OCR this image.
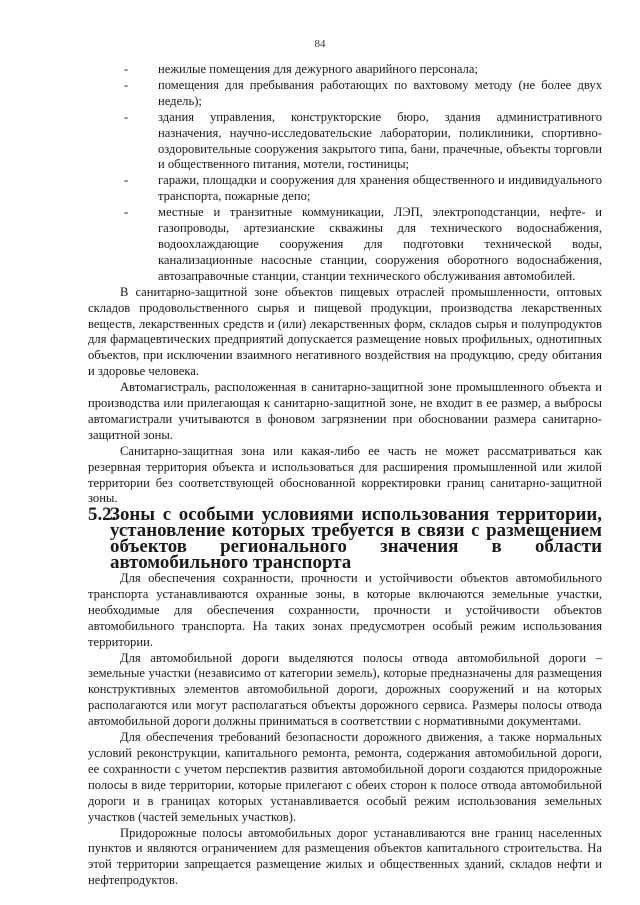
84
- нежилые помещения для дежурного аварийного персонала;
- помещения для пребывания работающих по вахтовому методу (не более двух недель);
- здания управления, конструкторские бюро, здания административного назначения, научно-исследовательские лаборатории, поликлиники, спортивно-оздоровительные сооружения закрытого типа, бани, прачечные, объекты торговли и общественного питания, мотели, гостиницы;
- гаражи, площадки и сооружения для хранения общественного и индивидуального транспорта, пожарные депо;
- местные и транзитные коммуникации, ЛЭП, электроподстанции, нефте- и газопроводы, артезианские скважины для технического водоснабжения, водоохлаждающие сооружения для подготовки технической воды, канализационные насосные станции, сооружения оборотного водоснабжения, автозаправочные станции, станции технического обслуживания автомобилей.

В санитарно-защитной зоне объектов пищевых отраслей промышленности, оптовых складов продовольственного сырья и пищевой продукции, производства лекарственных веществ, лекарственных средств и (или) лекарственных форм, складов сырья и полупродуктов для фармацевтических предприятий допускается размещение новых профильных, однотипных объектов, при исключении взаимного негативного воздействия на продукцию, среду обитания и здоровье человека.

Автомагистраль, расположенная в санитарно-защитной зоне промышленного объекта и производства или прилегающая к санитарно-защитной зоне, не входит в ее размер, а выбросы автомагистрали учитываются в фоновом загрязнении при обосновании размера санитарно-защитной зоны.

Санитарно-защитная зона или какая-либо ее часть не может рассматриваться как резервная территория объекта и использоваться для расширения промышленной или жилой территории без соответствующей обоснованной корректировки границ санитарно-защитной зоны.

5.2.Зоны с особыми условиями использования территории, установление которых требуется в связи с размещением объектов регионального значения в области автомобильного транспорта

Для обеспечения сохранности, прочности и устойчивости объектов автомобильного транспорта устанавливаются охранные зоны, в которые включаются земельные участки, необходимые для обеспечения сохранности, прочности и устойчивости объектов автомобильного транспорта. На таких зонах предусмотрен особый режим использования территории.

Для автомобильной дороги выделяются полосы отвода автомобильной дороги – земельные участки (независимо от категории земель), которые предназначены для размещения конструктивных элементов автомобильной дороги, дорожных сооружений и на которых располагаются или могут располагаться объекты дорожного сервиса. Размеры полосы отвода автомобильной дороги должны приниматься в соответствии с нормативными документами.

Для обеспечения требований безопасности дорожного движения, а также нормальных условий реконструкции, капитального ремонта, ремонта, содержания автомобильной дороги, ее сохранности с учетом перспектив развития автомобильной дороги создаются придорожные полосы в виде территории, которые прилегают с обеих сторон к полосе отвода автомобильной дороги и в границах которых устанавливается особый режим использования земельных участков (частей земельных участков).

Придорожные полосы автомобильных дорог устанавливаются вне границ населенных пунктов и являются ограничением для размещения объектов капитального строительства. На этой территории запрещается размещение жилых и общественных зданий, складов нефти и нефтепродуктов.
